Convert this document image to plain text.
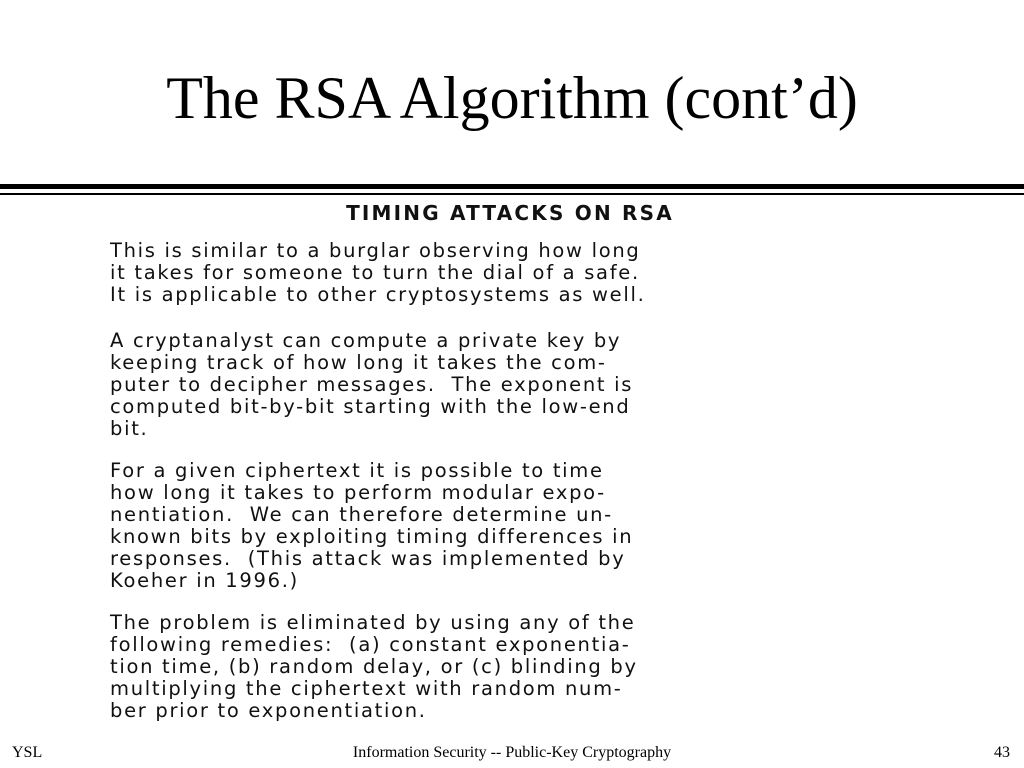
The RSA Algorithm (cont’d)
TIMING ATTACKS ON RSA
This is similar to a burglar observing how long
it takes for someone to turn the dial of a safe.
It is applicable to other cryptosystems as well.
A cryptanalyst can compute a private key by
keeping track of how long it takes the com-
puter to decipher messages.  The exponent is
computed bit-by-bit starting with the low-end
bit.
For a given ciphertext it is possible to time
how long it takes to perform modular expo-
nentiation.  We can therefore determine un-
known bits by exploiting timing differences in
responses.  (This attack was implemented by
Koeher in 1996.)
The problem is eliminated by using any of the
following remedies:  (a) constant exponentia-
tion time, (b) random delay, or (c) blinding by
multiplying the ciphertext with random num-
ber prior to exponentiation.
YSL	Information Security -- Public-Key Cryptography	43
